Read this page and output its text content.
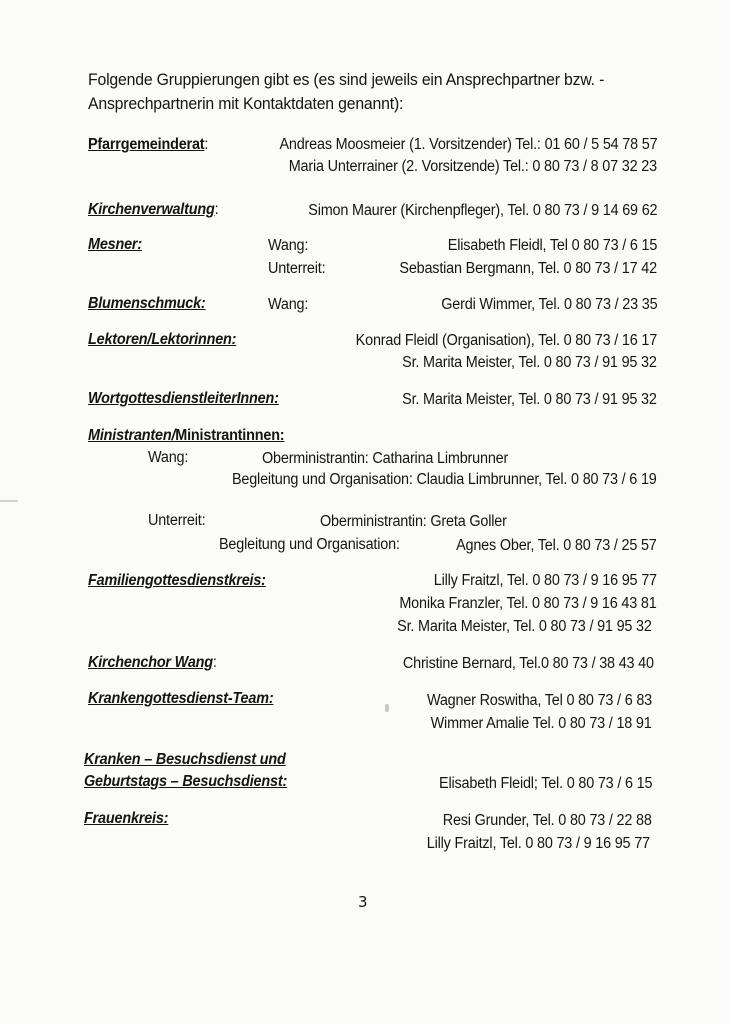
Folgende Gruppierungen gibt es (es sind jeweils ein Ansprechpartner bzw. -
Ansprechpartnerin mit Kontaktdaten genannt):
Pfarrgemeinderat:	Andreas Moosmeier (1. Vorsitzender) Tel.: 01 60 / 5 54 78 57
Maria Unterrainer (2. Vorsitzende) Tel.: 0 80 73 / 8 07 32 23
Kirchenverwaltung:	Simon Maurer (Kirchenpfleger), Tel. 0 80 73 / 9 14 69 62
Mesner:	Wang:	Elisabeth Fleidl, Tel 0 80 73 / 6 15
Unterreit:	Sebastian Bergmann, Tel. 0 80 73 / 17 42
Blumenschmuck:	Wang:	Gerdi Wimmer, Tel. 0 80 73 / 23 35
Lektoren/Lektorinnen:	Konrad Fleidl (Organisation), Tel. 0 80 73 / 16 17
Sr. Marita Meister, Tel. 0 80 73 / 91 95 32
WortgottesdienstleiterInnen:	Sr. Marita Meister, Tel. 0 80 73 / 91 95 32
Ministranten/Ministrantinnen:
Wang:	Oberministrantin: Catharina Limbrunner
Begleitung und Organisation: Claudia Limbrunner, Tel. 0 80 73 / 6 19
Unterreit:	Oberministrantin: Greta Goller
Begleitung und Organisation:	Agnes Ober, Tel. 0 80 73 / 25 57
Familiengottesdienstkreis:	Lilly Fraitzl, Tel. 0 80 73 / 9 16 95 77
Monika Franzler, Tel. 0 80 73 / 9 16 43 81
Sr. Marita Meister, Tel. 0 80 73 / 91 95 32
Kirchenchor Wang:	Christine Bernard, Tel.0 80 73 / 38 43 40
Krankengottesdienst-Team:	Wagner Roswitha, Tel 0 80 73 / 6 83
Wimmer Amalie Tel. 0 80 73 / 18 91
Kranken – Besuchsdienst und
Geburtstags – Besuchsdienst:	Elisabeth Fleidl; Tel. 0 80 73 / 6 15
Frauenkreis:	Resi Grunder, Tel. 0 80 73 / 22 88
Lilly Fraitzl, Tel. 0 80 73 / 9 16 95 77
3
